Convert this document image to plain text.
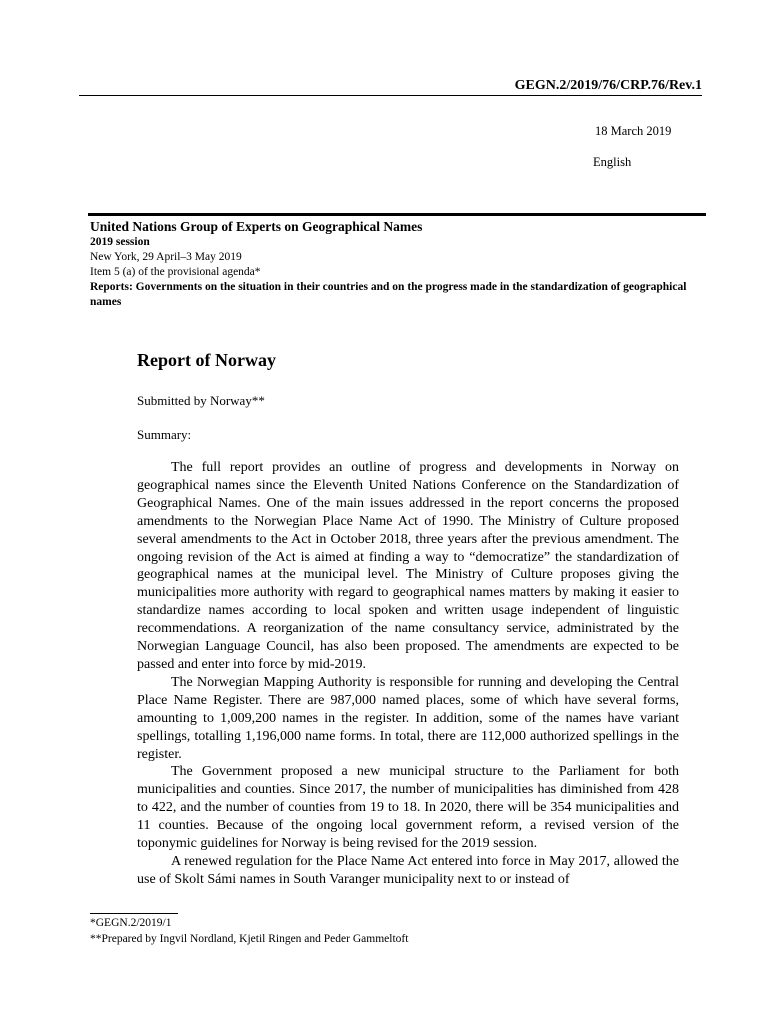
GEGN.2/2019/76/CRP.76/Rev.1
18 March 2019
English
United Nations Group of Experts on Geographical Names
2019 session
New York, 29 April–3 May 2019
Item 5 (a) of the provisional agenda*
Reports: Governments on the situation in their countries and on the progress made in the standardization of geographical names
Report of Norway
Submitted by Norway**
Summary:

The full report provides an outline of progress and developments in Norway on geographical names since the Eleventh United Nations Conference on the Standardization of Geographical Names. One of the main issues addressed in the report concerns the proposed amendments to the Norwegian Place Name Act of 1990. The Ministry of Culture proposed several amendments to the Act in October 2018, three years after the previous amendment. The ongoing revision of the Act is aimed at finding a way to “democratize” the standardization of geographical names at the municipal level. The Ministry of Culture proposes giving the municipalities more authority with regard to geographical names matters by making it easier to standardize names according to local spoken and written usage independent of linguistic recommendations. A reorganization of the name consultancy service, administrated by the Norwegian Language Council, has also been proposed. The amendments are expected to be passed and enter into force by mid-2019.

The Norwegian Mapping Authority is responsible for running and developing the Central Place Name Register. There are 987,000 named places, some of which have several forms, amounting to 1,009,200 names in the register. In addition, some of the names have variant spellings, totalling 1,196,000 name forms. In total, there are 112,000 authorized spellings in the register.

The Government proposed a new municipal structure to the Parliament for both municipalities and counties. Since 2017, the number of municipalities has diminished from 428 to 422, and the number of counties from 19 to 18. In 2020, there will be 354 municipalities and 11 counties. Because of the ongoing local government reform, a revised version of the toponymic guidelines for Norway is being revised for the 2019 session.

A renewed regulation for the Place Name Act entered into force in May 2017, allowed the use of Skolt Sámi names in South Varanger municipality next to or instead of

*GEGN.2/2019/1
**Prepared by Ingvil Nordland, Kjetil Ringen and Peder Gammeltoft
